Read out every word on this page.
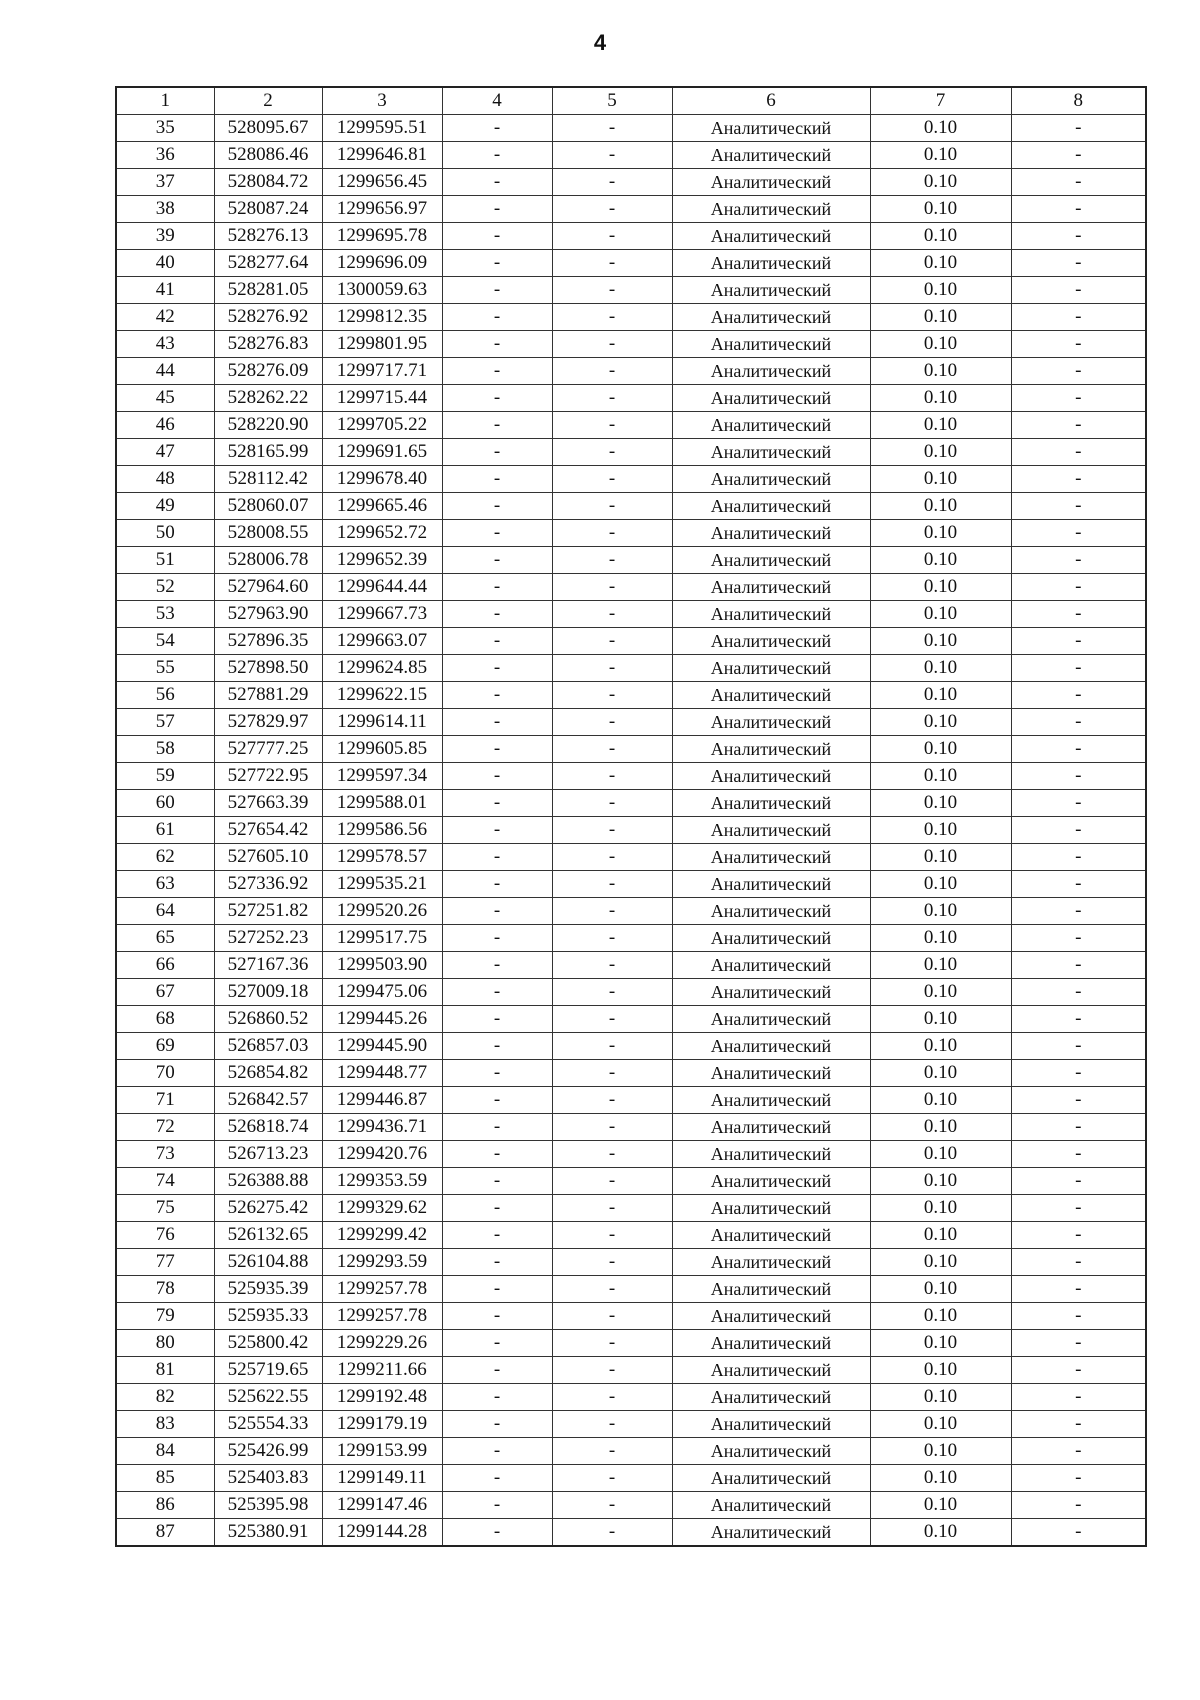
4
1	2	3	4	5	6	7	8
35	528095.67	1299595.51	-	-	Аналитический	0.10	-
36	528086.46	1299646.81	-	-	Аналитический	0.10	-
37	528084.72	1299656.45	-	-	Аналитический	0.10	-
38	528087.24	1299656.97	-	-	Аналитический	0.10	-
39	528276.13	1299695.78	-	-	Аналитический	0.10	-
40	528277.64	1299696.09	-	-	Аналитический	0.10	-
41	528281.05	1300059.63	-	-	Аналитический	0.10	-
42	528276.92	1299812.35	-	-	Аналитический	0.10	-
43	528276.83	1299801.95	-	-	Аналитический	0.10	-
44	528276.09	1299717.71	-	-	Аналитический	0.10	-
45	528262.22	1299715.44	-	-	Аналитический	0.10	-
46	528220.90	1299705.22	-	-	Аналитический	0.10	-
47	528165.99	1299691.65	-	-	Аналитический	0.10	-
48	528112.42	1299678.40	-	-	Аналитический	0.10	-
49	528060.07	1299665.46	-	-	Аналитический	0.10	-
50	528008.55	1299652.72	-	-	Аналитический	0.10	-
51	528006.78	1299652.39	-	-	Аналитический	0.10	-
52	527964.60	1299644.44	-	-	Аналитический	0.10	-
53	527963.90	1299667.73	-	-	Аналитический	0.10	-
54	527896.35	1299663.07	-	-	Аналитический	0.10	-
55	527898.50	1299624.85	-	-	Аналитический	0.10	-
56	527881.29	1299622.15	-	-	Аналитический	0.10	-
57	527829.97	1299614.11	-	-	Аналитический	0.10	-
58	527777.25	1299605.85	-	-	Аналитический	0.10	-
59	527722.95	1299597.34	-	-	Аналитический	0.10	-
60	527663.39	1299588.01	-	-	Аналитический	0.10	-
61	527654.42	1299586.56	-	-	Аналитический	0.10	-
62	527605.10	1299578.57	-	-	Аналитический	0.10	-
63	527336.92	1299535.21	-	-	Аналитический	0.10	-
64	527251.82	1299520.26	-	-	Аналитический	0.10	-
65	527252.23	1299517.75	-	-	Аналитический	0.10	-
66	527167.36	1299503.90	-	-	Аналитический	0.10	-
67	527009.18	1299475.06	-	-	Аналитический	0.10	-
68	526860.52	1299445.26	-	-	Аналитический	0.10	-
69	526857.03	1299445.90	-	-	Аналитический	0.10	-
70	526854.82	1299448.77	-	-	Аналитический	0.10	-
71	526842.57	1299446.87	-	-	Аналитический	0.10	-
72	526818.74	1299436.71	-	-	Аналитический	0.10	-
73	526713.23	1299420.76	-	-	Аналитический	0.10	-
74	526388.88	1299353.59	-	-	Аналитический	0.10	-
75	526275.42	1299329.62	-	-	Аналитический	0.10	-
76	526132.65	1299299.42	-	-	Аналитический	0.10	-
77	526104.88	1299293.59	-	-	Аналитический	0.10	-
78	525935.39	1299257.78	-	-	Аналитический	0.10	-
79	525935.33	1299257.78	-	-	Аналитический	0.10	-
80	525800.42	1299229.26	-	-	Аналитический	0.10	-
81	525719.65	1299211.66	-	-	Аналитический	0.10	-
82	525622.55	1299192.48	-	-	Аналитический	0.10	-
83	525554.33	1299179.19	-	-	Аналитический	0.10	-
84	525426.99	1299153.99	-	-	Аналитический	0.10	-
85	525403.83	1299149.11	-	-	Аналитический	0.10	-
86	525395.98	1299147.46	-	-	Аналитический	0.10	-
87	525380.91	1299144.28	-	-	Аналитический	0.10	-
